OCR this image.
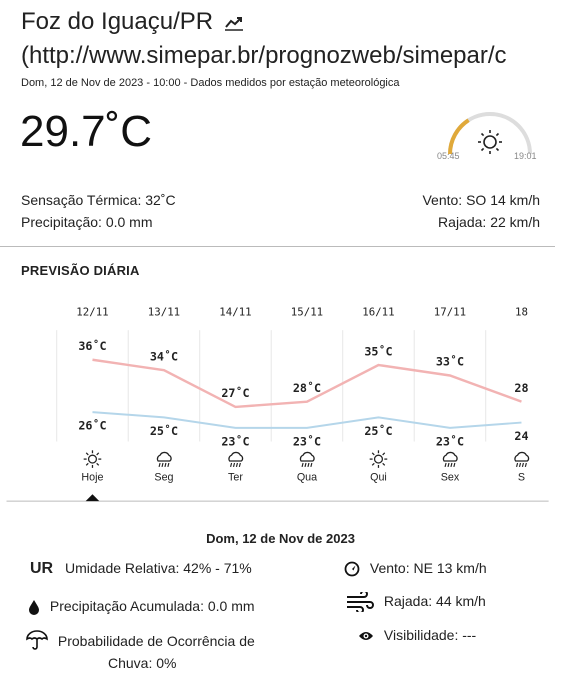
Foz do Iguaçu/PR
(http://www.simepar.br/prognozweb/simepar/c
Dom, 12 de Nov de 2023 - 10:00 - Dados medidos por estação meteorológica
29.7˚C	05:45	19:01
Sensação Térmica: 32˚C
Precipitação: 0.0 mm
Vento: SO 14 km/h
Rajada: 22 km/h
PREVISÃO DIÁRIA
12/11
36˚C
26˚C
Hoje
13/11
34˚C
25˚C
Seg
14/11
27˚C
23˚C
Ter
15/11
28˚C
23˚C
Qua
16/11
35˚C
25˚C
Qui
17/11
33˚C
23˚C
Sex
18
28
24
S
Dom, 12 de Nov de 2023
UR Umidade Relativa: 42% - 71%
Precipitação Acumulada: 0.0 mm
Probabilidade de Ocorrência de
Chuva: 0%
Vento: NE 13 km/h
Rajada: 44 km/h
Visibilidade: ---
